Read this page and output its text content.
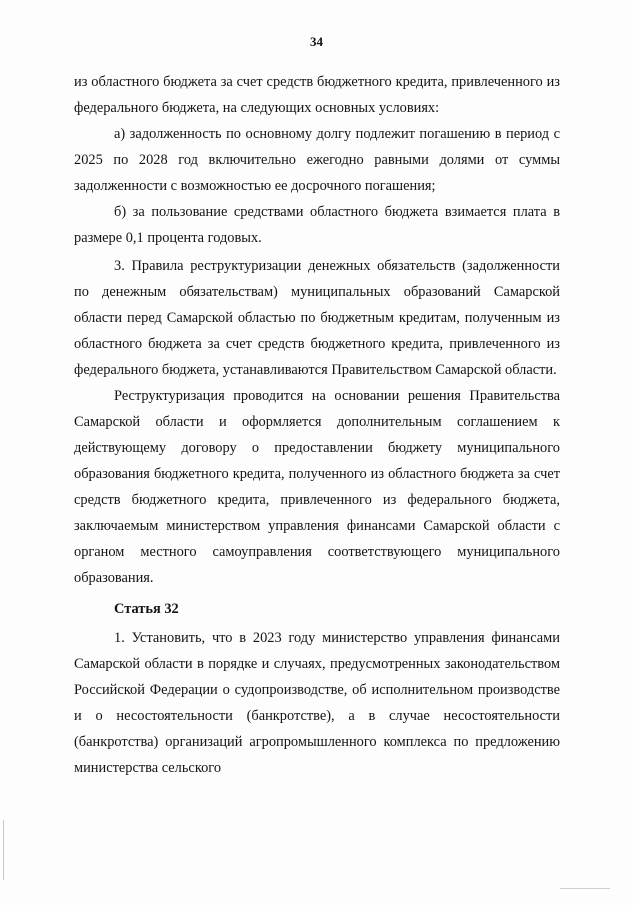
34

из областного бюджета за счет средств бюджетного кредита, привлеченного из федерального бюджета, на следующих основных условиях:

а) задолженность по основному долгу подлежит погашению в период с 2025 по 2028 год включительно ежегодно равными долями от суммы задолженности с возможностью ее досрочного погашения;

б) за пользование средствами областного бюджета взимается плата в размере 0,1 процента годовых.

3. Правила реструктуризации денежных обязательств (задолженности по денежным обязательствам) муниципальных образований Самарской области перед Самарской областью по бюджетным кредитам, полученным из областного бюджета за счет средств бюджетного кредита, привлеченного из федерального бюджета, устанавливаются Правительством Самарской области.

Реструктуризация проводится на основании решения Правительства Самарской области и оформляется дополнительным соглашением к действующему договору о предоставлении бюджету муниципального образования бюджетного кредита, полученного из областного бюджета за счет средств бюджетного кредита, привлеченного из федерального бюджета, заключаемым министерством управления финансами Самарской области с органом местного самоуправления соответствующего муниципального образования.

Статья 32

1. Установить, что в 2023 году министерство управления финансами Самарской области в порядке и случаях, предусмотренных законодательством Российской Федерации о судопроизводстве, об исполнительном производстве и о несостоятельности (банкротстве), а в случае несостоятельности (банкротства) организаций агропромышленного комплекса по предложению министерства сельского
